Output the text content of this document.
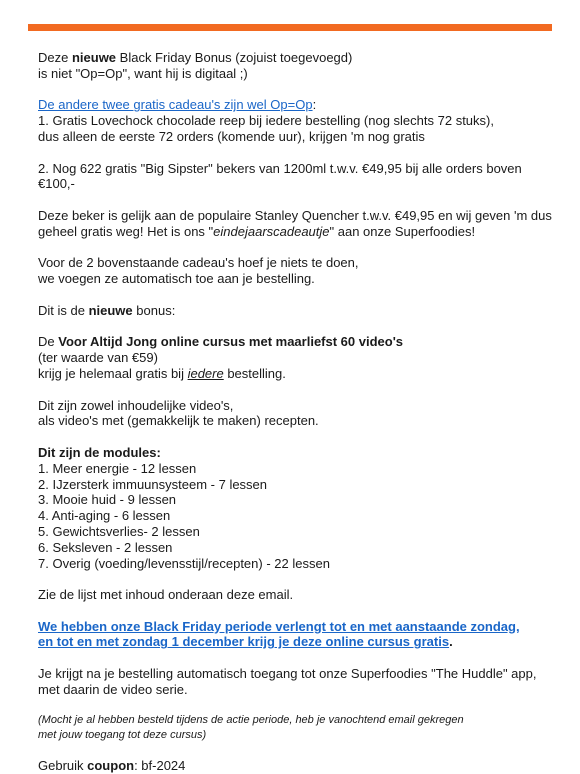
Deze nieuwe Black Friday Bonus (zojuist toegevoegd)

is niet "Op=Op", want hij is digitaal ;)

De andere twee gratis cadeau's zijn wel Op=Op:

1. Gratis Lovechock chocolade reep bij iedere bestelling (nog slechts 72 stuks),

dus alleen de eerste 72 orders (komende uur), krijgen 'm nog gratis

2. Nog 622 gratis "Big Sipster" bekers van 1200ml t.w.v. €49,95 bij alle orders boven €100,-

Deze beker is gelijk aan de populaire Stanley Quencher t.w.v. €49,95 en wij geven 'm dus

geheel gratis weg! Het is ons "eindejaarscadeautje" aan onze Superfoodies!

Voor de 2 bovenstaande cadeau's hoef je niets te doen,

we voegen ze automatisch toe aan je bestelling.

Dit is de nieuwe bonus:

De Voor Altijd Jong online cursus met maarliefst 60 video's

(ter waarde van €59)

krijg je helemaal gratis bij iedere bestelling.

Dit zijn zowel inhoudelijke video's,

als video's met (gemakkelijk te maken) recepten.

Dit zijn de modules:

1. Meer energie - 12 lessen
2. IJzersterk immuunsysteem - 7 lessen
3. Mooie huid - 9 lessen
4. Anti-aging - 6 lessen
5. Gewichtsverlies- 2 lessen
6. Seksleven - 2 lessen
7. Overig (voeding/levensstijl/recepten) - 22 lessen

Zie de lijst met inhoud onderaan deze email.

We hebben onze Black Friday periode verlengt tot en met aanstaande zondag,

en tot en met zondag 1 december krijg je deze online cursus gratis.

Je krijgt na je bestelling automatisch toegang tot onze Superfoodies "The Huddle" app,

met daarin de video serie.

(Mocht je al hebben besteld tijdens de actie periode, heb je vanochtend email gekregen

met jouw toegang tot deze cursus)

Gebruik coupon: bf-2024
